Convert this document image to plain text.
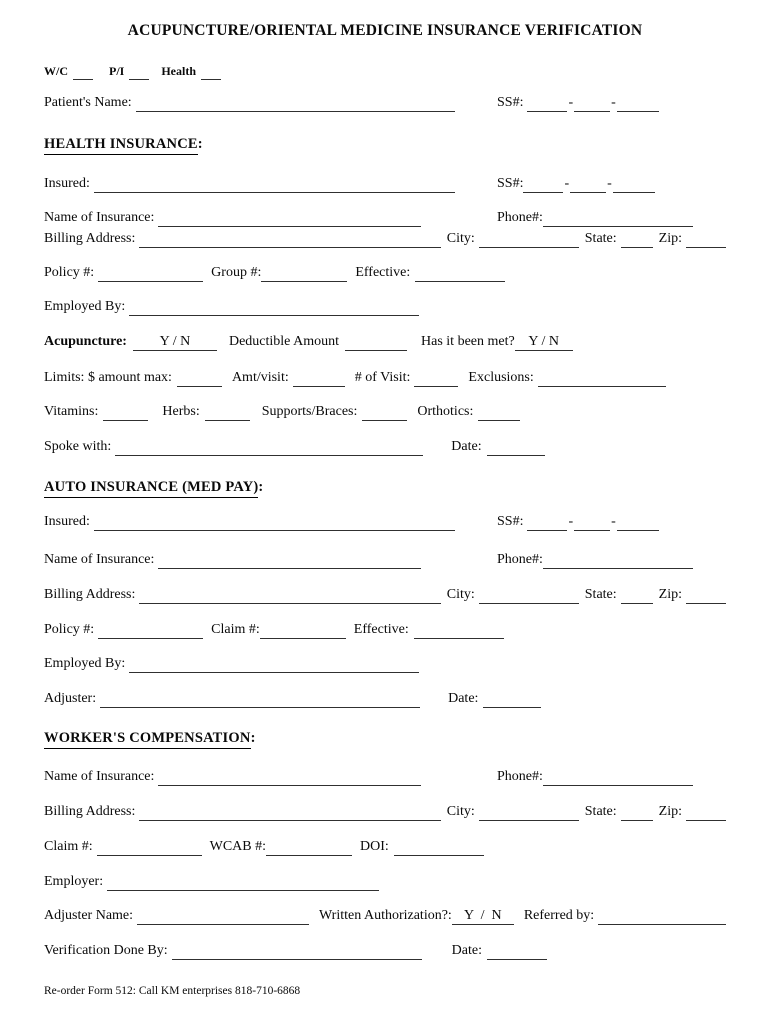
ACUPUNCTURE/ORIENTAL MEDICINE INSURANCE VERIFICATION
W/C	P/I	Health
Patient's Name:	SS#:	-	-
HEALTH INSURANCE :
Insured:	SS#:	-	-
Name of Insurance:	Phone#:
Billing Address:	City:	State:	Zip:
Policy #:	Group #:	Effective:
Employed By:
Acupuncture:	Y / N	Deductible Amount	Has it been met? Y / N
Limits: $ amount max:	Amt/visit:	# of Visit:	Exclusions:
Vitamins:	Herbs:	Supports/Braces:	Orthotics:
Spoke with:	Date:
AUTO INSURANCE (MED PAY) :
Insured:	SS#:	-	-
Name of Insurance:	Phone#:
Billing Address:	City:	State:	Zip:
Policy #:	Claim #:	Effective:
Employed By:
Adjuster:	Date:
WORKER'S COMPENSATION :
Name of Insurance:	Phone#:
Billing Address:	City:	State:	Zip:
Claim #:	WCAB #:	DOI:
Employer:
Adjuster Name:	Written Authorization?: Y  /  N	Referred by:
Verification Done By:	Date:
Re-order Form 512: Call KM enterprises 818-710-6868
